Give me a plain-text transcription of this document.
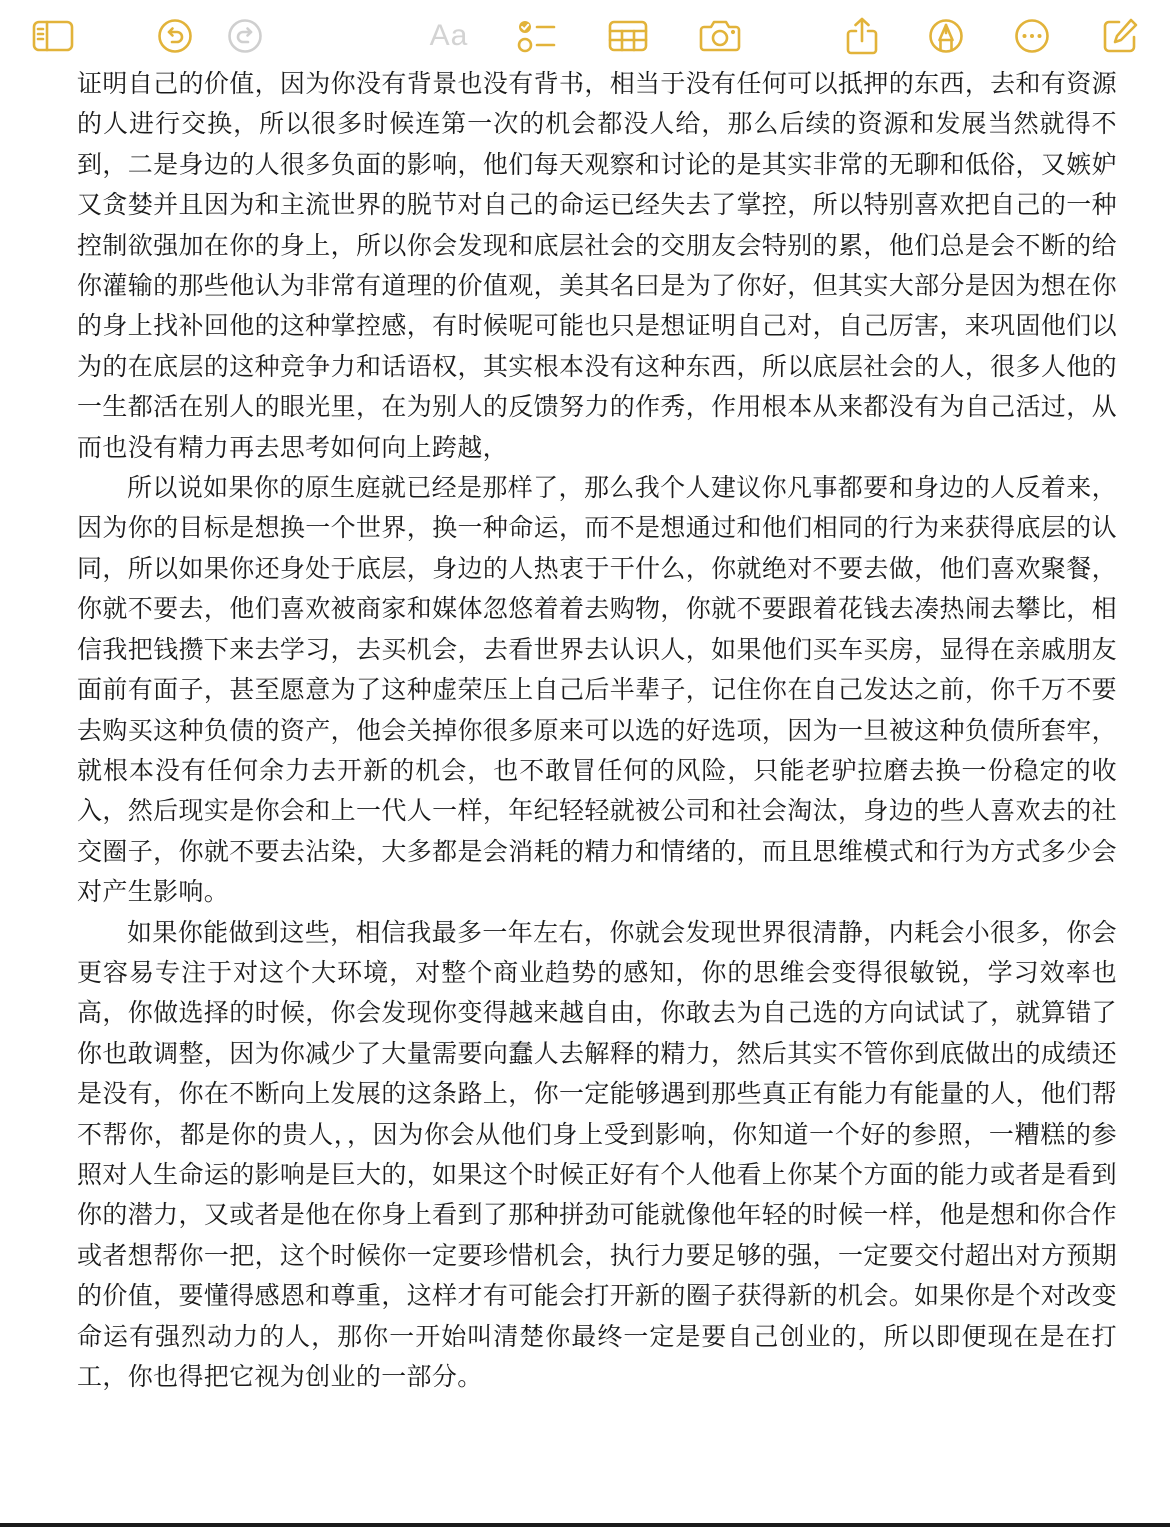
Aa

证明自己的价值，因为你没有背景也没有背书，相当于没有任何可以抵押的东西，去和有资源的人进行交换，所以很多时候连第一次的机会都没人给，那么后续的资源和发展当然就得不到，二是身边的人很多负面的影响，他们每天观察和讨论的是其实非常的无聊和低俗，又嫉妒又贪婪并且因为和主流世界的脱节对自己的命运已经失去了掌控，所以特别喜欢把自己的一种控制欲强加在你的身上，所以你会发现和底层社会的交朋友会特别的累，他们总是会不断的给你灌输的那些他认为非常有道理的价值观，美其名曰是为了你好，但其实大部分是因为想在你的身上找补回他的这种掌控感，有时候呢可能也只是想证明自己对，自己厉害，来巩固他们以为的在底层的这种竞争力和话语权，其实根本没有这种东西，所以底层社会的人，很多人他的一生都活在别人的眼光里，在为别人的反馈努力的作秀，作用根本从来都没有为自己活过，从而也没有精力再去思考如何向上跨越，

所以说如果你的原生庭就已经是那样了，那么我个人建议你凡事都要和身边的人反着来，因为你的目标是想换一个世界，换一种命运，而不是想通过和他们相同的行为来获得底层的认同，所以如果你还身处于底层，身边的人热衷于干什么，你就绝对不要去做，他们喜欢聚餐，你就不要去，他们喜欢被商家和媒体忽悠着着去购物，你就不要跟着花钱去凑热闹去攀比，相信我把钱攒下来去学习，去买机会，去看世界去认识人，如果他们买车买房，显得在亲戚朋友面前有面子，甚至愿意为了这种虚荣压上自己后半辈子，记住你在自己发达之前，你千万不要去购买这种负债的资产，他会关掉你很多原来可以选的好选项，因为一旦被这种负债所套牢，就根本没有任何余力去开新的机会，也不敢冒任何的风险，只能老驴拉磨去换一份稳定的收入，然后现实是你会和上一代人一样，年纪轻轻就被公司和社会淘汰，身边的些人喜欢去的社交圈子，你就不要去沾染，大多都是会消耗的精力和情绪的，而且思维模式和行为方式多少会对产生影响。

如果你能做到这些，相信我最多一年左右，你就会发现世界很清静，内耗会小很多，你会更容易专注于对这个大环境，对整个商业趋势的感知，你的思维会变得很敏锐，学习效率也高，你做选择的时候，你会发现你变得越来越自由，你敢去为自己选的方向试试了，就算错了你也敢调整，因为你减少了大量需要向蠢人去解释的精力，然后其实不管你到底做出的成绩还是没有，你在不断向上发展的这条路上，你一定能够遇到那些真正有能力有能量的人，他们帮不帮你，都是你的贵人，，因为你会从他们身上受到影响，你知道一个好的参照，一糟糕的参照对人生命运的影响是巨大的，如果这个时候正好有个人他看上你某个方面的能力或者是看到你的潜力，又或者是他在你身上看到了那种拼劲可能就像他年轻的时候一样，他是想和你合作或者想帮你一把，这个时候你一定要珍惜机会，执行力要足够的强，一定要交付超出对方预期的价值，要懂得感恩和尊重，这样才有可能会打开新的圈子获得新的机会。如果你是个对改变命运有强烈动力的人，那你一开始叫清楚你最终一定是要自己创业的，所以即便现在是在打工，你也得把它视为创业的一部分。
